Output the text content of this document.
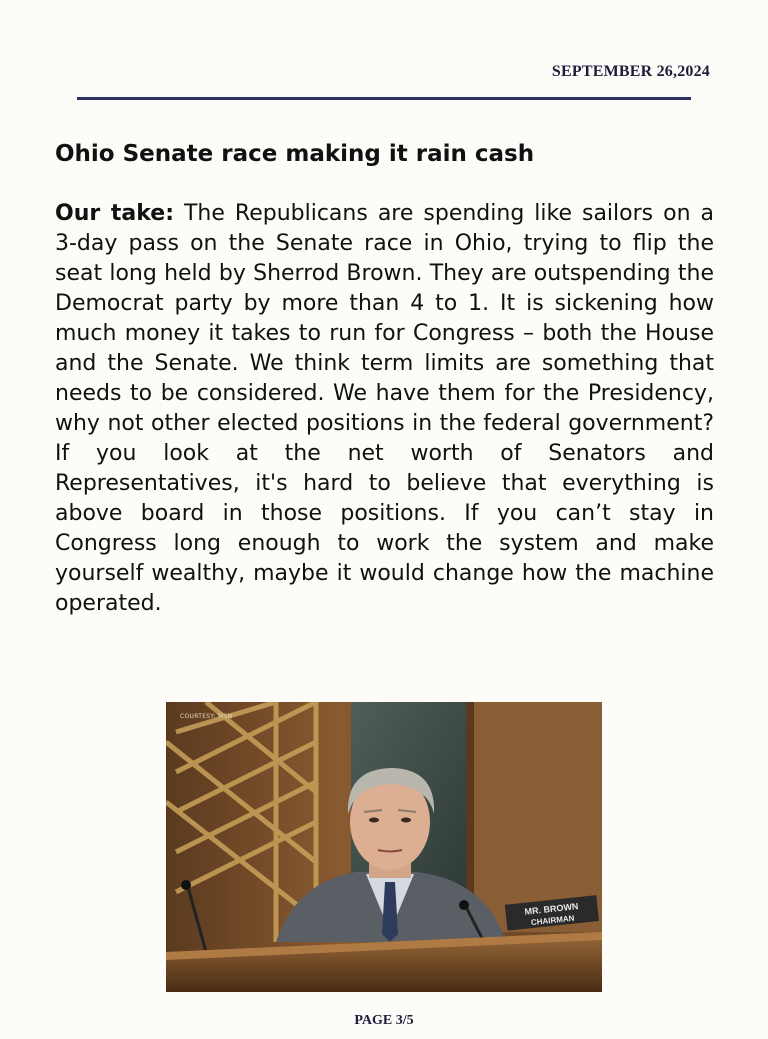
SEPTEMBER 26,2024
Ohio Senate race making it rain cash

Our take: The Republicans are spending like sailors on a 3-day pass on the Senate race in Ohio, trying to flip the seat long held by Sherrod Brown. They are outspending the Democrat party by more than 4 to 1. It is sickening how much money it takes to run for Congress – both the House and the Senate. We think term limits are something that needs to be considered. We have them for the Presidency, why not other elected positions in the federal government? If you look at the net worth of Senators and Representatives, it's hard to believe that everything is above board in those positions. If you can’t stay in Congress long enough to work the system and make yourself wealthy, maybe it would change how the machine operated.

MR. BROWN
CHAIRMAN
COURTESY: MSN
PAGE 3/5
